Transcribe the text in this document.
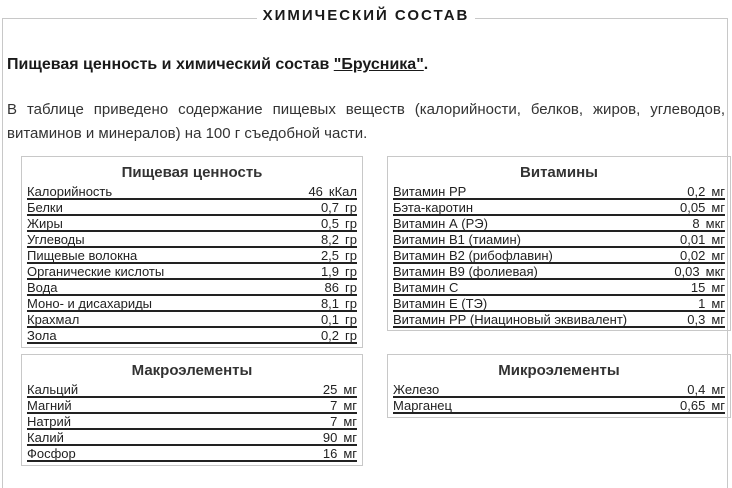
ХИМИЧЕСКИЙ СОСТАВ
Пищевая ценность и химический состав "Брусника".
В таблице приведено содержание пищевых веществ (калорийности, белков, жиров, углеводов, витаминов и минералов) на 100 г съедобной части.
Пищевая ценность
Калорийность	46 кКал
Белки	0,7 гр
Жиры	0,5 гр
Углеводы	8,2 гр
Пищевые волокна	2,5 гр
Органические кислоты	1,9 гр
Вода	86 гр
Моно- и дисахариды	8,1 гр
Крахмал	0,1 гр
Зола	0,2 гр
Витамины
Витамин РР	0,2 мг
Бэта-каротин	0,05 мг
Витамин А (РЭ)	8 мкг
Витамин В1 (тиамин)	0,01 мг
Витамин В2 (рибофлавин)	0,02 мг
Витамин В9 (фолиевая)	0,03 мкг
Витамин С	15 мг
Витамин Е (ТЭ)	1 мг
Витамин РР (Ниациновый эквивалент)	0,3 мг
Макроэлементы
Кальций	25 мг
Магний	7 мг
Натрий	7 мг
Калий	90 мг
Фосфор	16 мг
Микроэлементы
Железо	0,4 мг
Марганец	0,65 мг
